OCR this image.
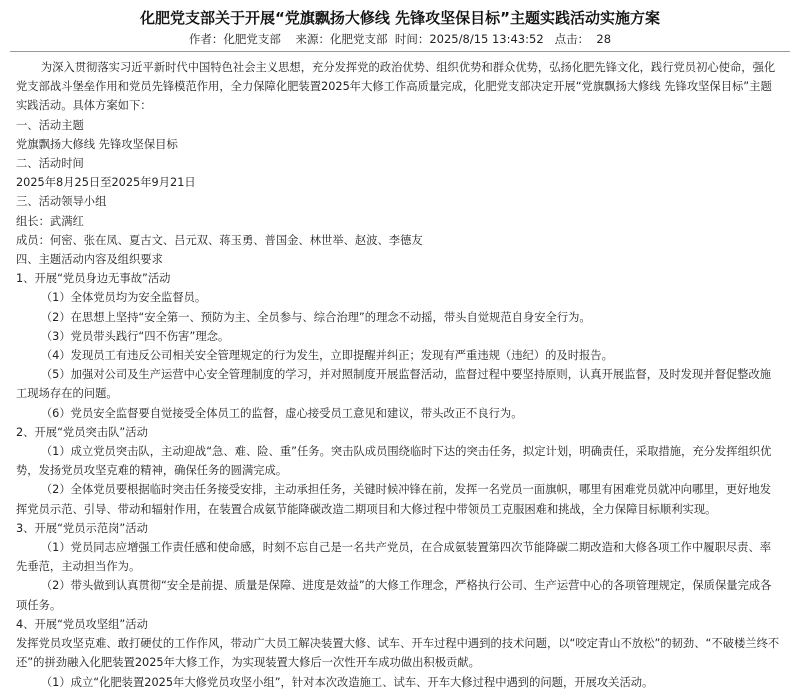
化肥党支部关于开展“党旗飘扬大修线 先锋攻坚保目标”主题实践活动实施方案
作者：化肥党支部 来源：化肥党支部 时间：2025/8/15 13:43:52 点击： 28

为深入贯彻落实习近平新时代中国特色社会主义思想，充分发挥党的政治优势、组织优势和群众优势，弘扬化肥先锋文化，践行党员初心使命，强化党支部战斗堡垒作用和党员先锋模范作用，全力保障化肥装置2025年大修工作高质量完成，化肥党支部决定开展“党旗飘扬大修线 先锋攻坚保目标”主题实践活动。具体方案如下：

一、活动主题

党旗飘扬大修线 先锋攻坚保目标

二、活动时间

2025年8月25日至2025年9月21日

三、活动领导小组

组长：武满红

成员：何密、张在凤、夏古文、吕元双、蒋玉勇、普国金、林世举、赵波、李德友

四、主题活动内容及组织要求

1、开展“党员身边无事故”活动

（1）全体党员均为安全监督员。

（2）在思想上坚持“安全第一、预防为主、全员参与、综合治理”的理念不动摇，带头自觉规范自身安全行为。

（3）党员带头践行“四不伤害”理念。

（4）发现员工有违反公司相关安全管理规定的行为发生，立即提醒并纠正；发现有严重违规（违纪）的及时报告。

（5）加强对公司及生产运营中心安全管理制度的学习，并对照制度开展监督活动，监督过程中要坚持原则，认真开展监督，及时发现并督促整改施工现场存在的问题。

（6）党员安全监督要自觉接受全体员工的监督，虚心接受员工意见和建议，带头改正不良行为。

2、开展“党员突击队”活动

（1）成立党员突击队，主动迎战“急、难、险、重”任务。突击队成员围绕临时下达的突击任务，拟定计划，明确责任，采取措施，充分发挥组织优势，发扬党员攻坚克难的精神，确保任务的圆满完成。

（2）全体党员要根据临时突击任务接受安排，主动承担任务，关键时候冲锋在前，发挥一名党员一面旗帜，哪里有困难党员就冲向哪里，更好地发挥党员示范、引导、带动和辐射作用，在装置合成氨节能降碳改造二期项目和大修过程中带领员工克服困难和挑战，全力保障目标顺利实现。

3、开展“党员示范岗”活动

（1）党员同志应增强工作责任感和使命感，时刻不忘自己是一名共产党员，在合成氨装置第四次节能降碳二期改造和大修各项工作中履职尽责、率先垂范，主动担当作为。

（2）带头做到认真贯彻“安全是前提、质量是保障、进度是效益”的大修工作理念，严格执行公司、生产运营中心的各项管理规定，保质保量完成各项任务。

4、开展“党员攻坚组”活动

发挥党员攻坚克难、敢打硬仗的工作作风，带动广大员工解决装置大修、试车、开车过程中遇到的技术问题，以“咬定青山不放松”的韧劲、“不破楼兰终不还”的拼劲融入化肥装置2025年大修工作，为实现装置大修后一次性开车成功做出积极贡献。

（1）成立“化肥装置2025年大修党员攻坚小组”，针对本次改造施工、试车、开车大修过程中遇到的问题，开展攻关活动。
